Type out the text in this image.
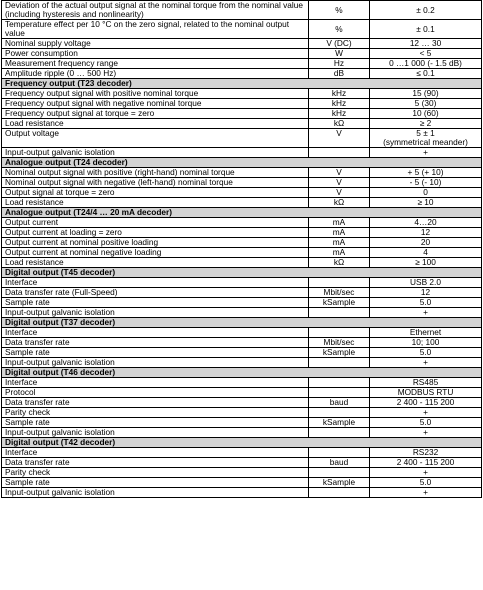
Deviation of the actual output signal at the nominal torque from the nominal value (including hysteresis and nonlinearity)	%	± 0.2
Temperature effect per 10 °C on the zero signal, related to the nominal output value	%	± 0.1
Nominal supply voltage	V (DC)	12 … 30
Power consumption	W	< 5
Measurement frequency range	Hz	0 …1 000 (- 1.5 dB)
Amplitude ripple (0 … 500 Hz)	dB	≤ 0.1
Frequency output (T23 decoder)		
Frequency output signal with positive nominal torque	kHz	15 (90)
Frequency output signal with negative nominal torque	kHz	5 (30)
Frequency output signal at torque = zero	kHz	10 (60)
Load resistance	kΩ	≥ 2
Output voltage	V	5 ± 1
(symmetrical meander)

Input-output galvanic isolation		+
Analogue output (T24 decoder)		
Nominal output signal with positive (right-hand) nominal torque	V	+ 5 (+ 10)
Nominal output signal with negative (left-hand) nominal torque	V	- 5 (- 10)
Output signal at torque = zero	V	0
Load resistance	kΩ	≥ 10
Analogue output (T24/4 … 20 mA decoder)		
Output current	mA	4…20
Output current at loading = zero	mA	12
Output current at nominal positive loading	mA	20
Output current at nominal negative loading	mA	4
Load resistance	kΩ	≥ 100
Digital output (T45 decoder)		
Interface		USB 2.0
Data transfer rate (Full-Speed)	Mbit/sec	12
Sample rate	kSample	5.0
Input-output galvanic isolation		+
Digital output (T37 decoder)		
Interface		Ethernet
Data transfer rate	Mbit/sec	10; 100
Sample rate	kSample	5.0
Input-output galvanic isolation		+
Digital output (T46 decoder)		
Interface		RS485
Protocol		MODBUS RTU
Data transfer rate	baud	2 400 - 115 200
Parity check		+
Sample rate	kSample	5.0
Input-output galvanic isolation		+
Digital output (T42 decoder)		
Interface		RS232
Data transfer rate	baud	2 400 - 115 200
Parity check		+
Sample rate	kSample	5.0
Input-output galvanic isolation		+
